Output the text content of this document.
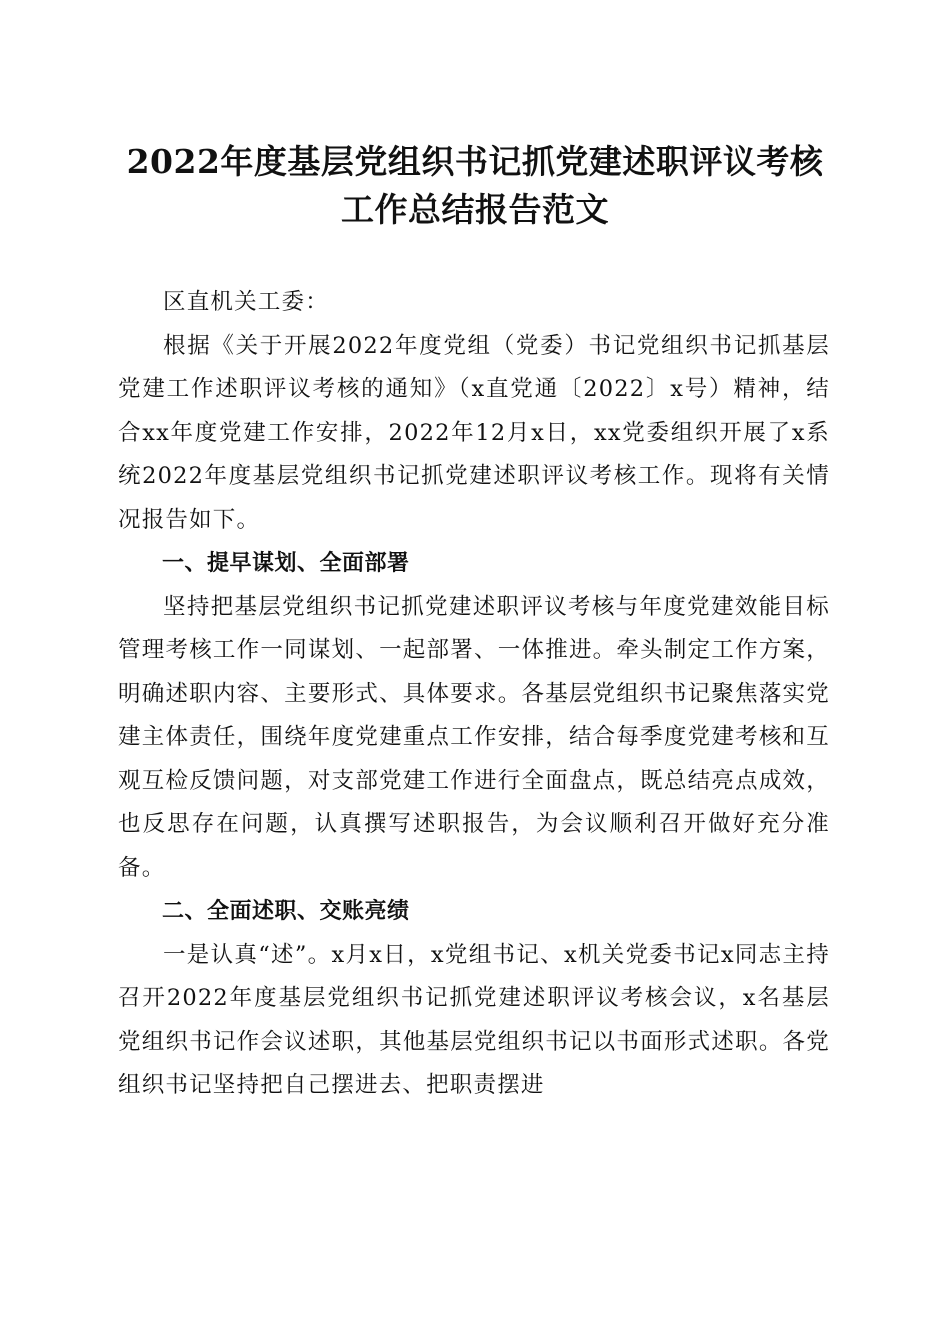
2022年度基层党组织书记抓党建述职评议考核工作总结报告范文

区直机关工委：

根据《关于开展2022年度党组（党委）书记党组织书记抓基层党建工作述职评议考核的通知》（x直党通〔2022〕x号）精神，结合xx年度党建工作安排，2022年12月x日，xx党委组织开展了x系统2022年度基层党组织书记抓党建述职评议考核工作。现将有关情况报告如下。

一、提早谋划、全面部署

坚持把基层党组织书记抓党建述职评议考核与年度党建效能目标管理考核工作一同谋划、一起部署、一体推进。牵头制定工作方案，明确述职内容、主要形式、具体要求。各基层党组织书记聚焦落实党建主体责任，围绕年度党建重点工作安排，结合每季度党建考核和互观互检反馈问题，对支部党建工作进行全面盘点，既总结亮点成效，也反思存在问题，认真撰写述职报告，为会议顺利召开做好充分准备。

二、全面述职、交账亮绩

一是认真“述”。x月x日，x党组书记、x机关党委书记x同志主持召开2022年度基层党组织书记抓党建述职评议考核会议，x名基层党组织书记作会议述职，其他基层党组织书记以书面形式述职。各党组织书记坚持把自己摆进去、把职责摆进
